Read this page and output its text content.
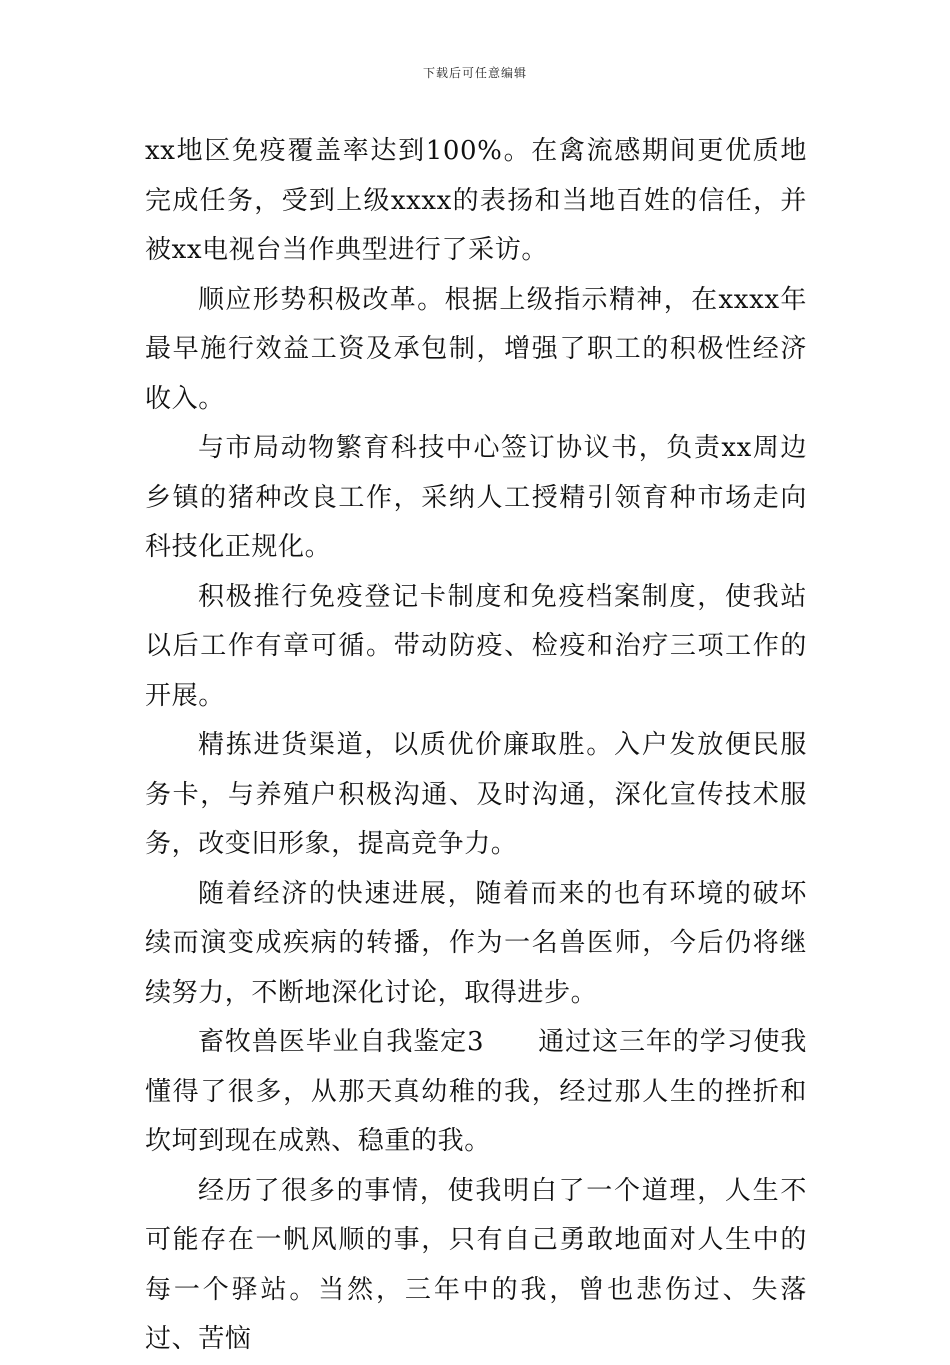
下载后可任意编辑

xx地区免疫覆盖率达到100%。在禽流感期间更优质地完成任务，受到上级xxxx的表扬和当地百姓的信任，并被xx电视台当作典型进行了采访。

顺应形势积极改革。根据上级指示精神，在xxxx年最早施行效益工资及承包制，增强了职工的积极性经济收入。

与市局动物繁育科技中心签订协议书，负责xx周边乡镇的猪种改良工作，采纳人工授精引领育种市场走向科技化正规化。

积极推行免疫登记卡制度和免疫档案制度，使我站以后工作有章可循。带动防疫、检疫和治疗三项工作的开展。

精拣进货渠道，以质优价廉取胜。入户发放便民服务卡，与养殖户积极沟通、及时沟通，深化宣传技术服务，改变旧形象，提高竞争力。

随着经济的快速进展，随着而来的也有环境的破坏续而演变成疾病的转播，作为一名兽医师，今后仍将继续努力，不断地深化讨论，取得进步。

畜牧兽医毕业自我鉴定3　　通过这三年的学习使我懂得了很多，从那天真幼稚的我，经过那人生的挫折和坎坷到现在成熟、稳重的我。

经历了很多的事情，使我明白了一个道理，人生不可能存在一帆风顺的事，只有自己勇敢地面对人生中的每一个驿站。当然，三年中的我，曾也悲伤过、失落过、苦恼
